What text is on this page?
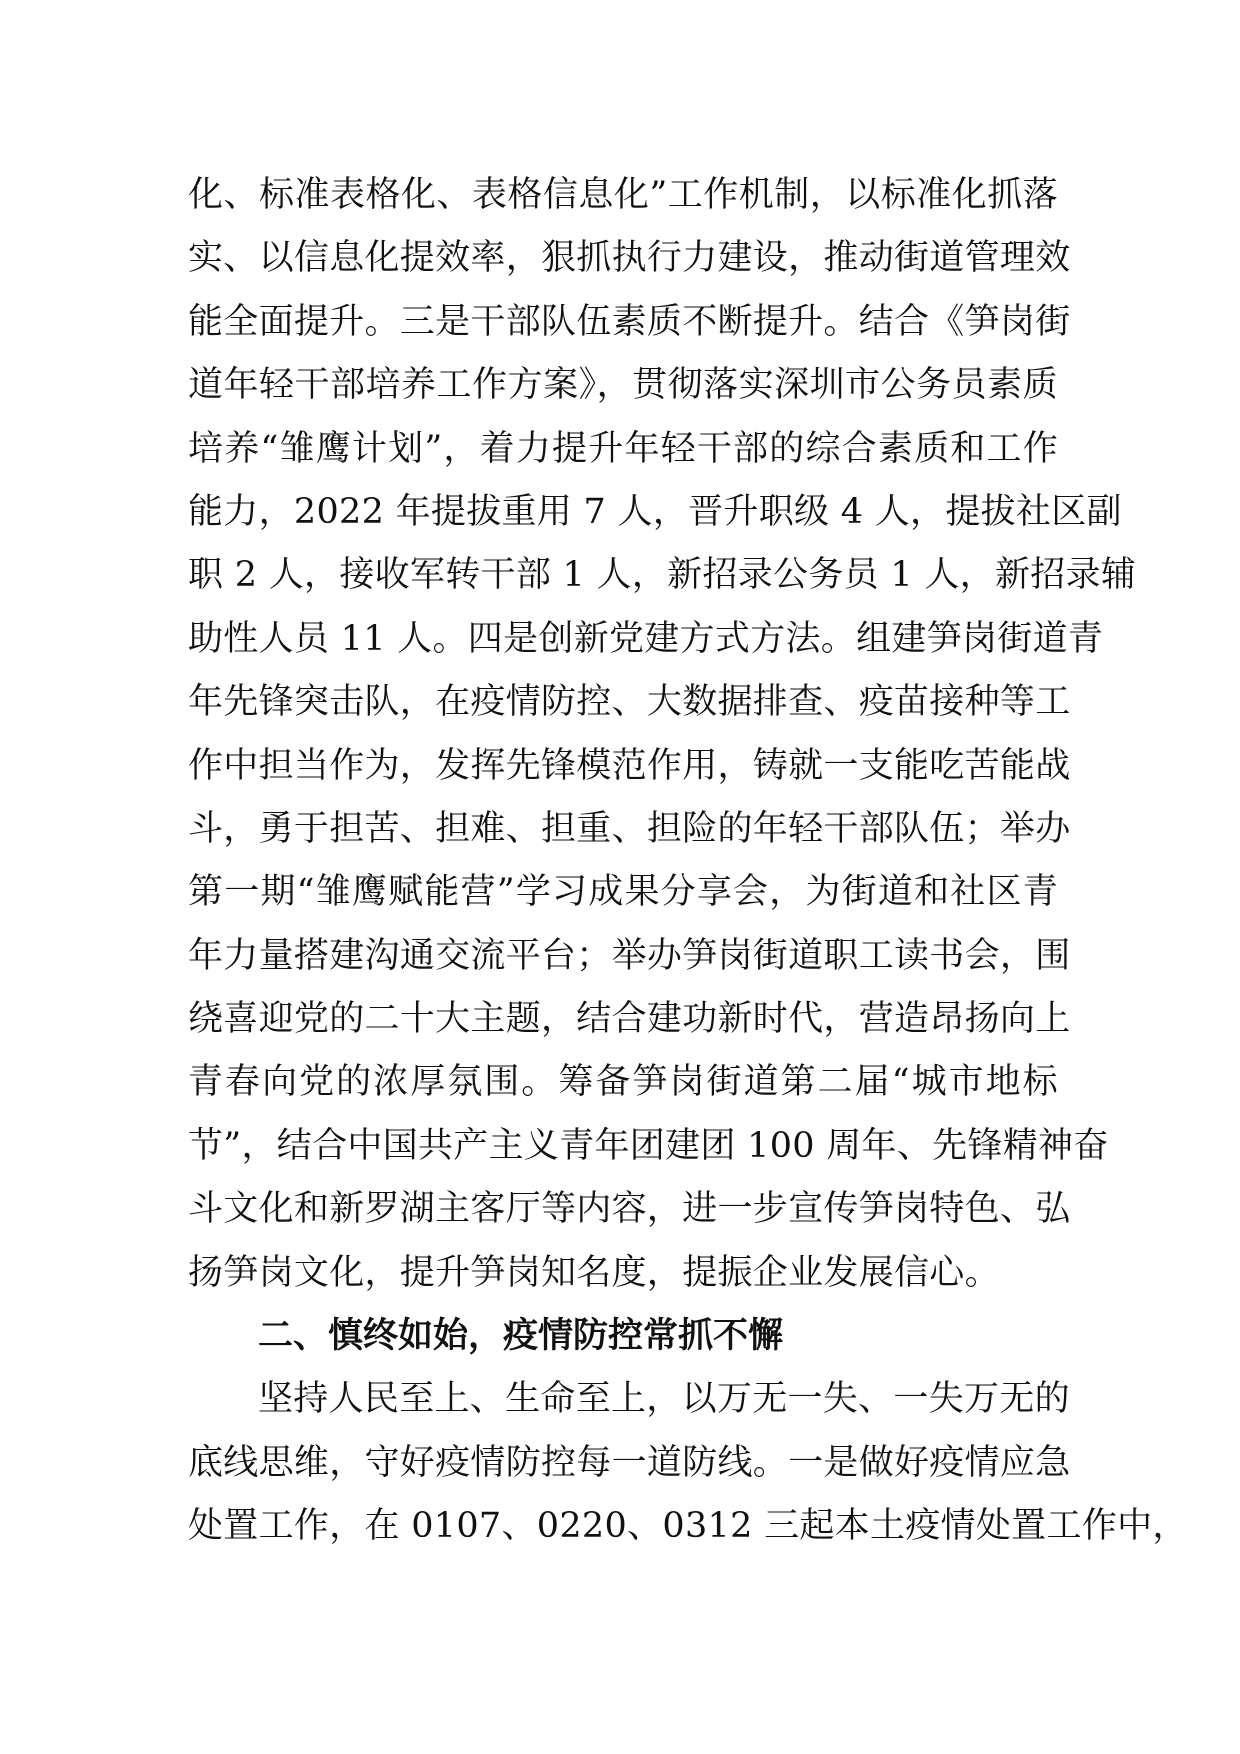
化、标准表格化、表格信息化”工作机制，以标准化抓落
实、以信息化提效率，狠抓执行力建设，推动街道管理效
能全面提升。三是干部队伍素质不断提升。结合《笋岗街
道年轻干部培养工作方案》，贯彻落实深圳市公务员素质
培养“雏鹰计划”，着力提升年轻干部的综合素质和工作
能力，2022 年提拔重用 7 人，晋升职级 4 人，提拔社区副
职 2 人，接收军转干部 1 人，新招录公务员 1 人，新招录辅
助性人员 11 人。四是创新党建方式方法。组建笋岗街道青
年先锋突击队，在疫情防控、大数据排查、疫苗接种等工
作中担当作为，发挥先锋模范作用，铸就一支能吃苦能战
斗，勇于担苦、担难、担重、担险的年轻干部队伍；举办
第一期“雏鹰赋能营”学习成果分享会，为街道和社区青
年力量搭建沟通交流平台；举办笋岗街道职工读书会，围
绕喜迎党的二十大主题，结合建功新时代，营造昂扬向上
青春向党的浓厚氛围。筹备笋岗街道第二届“城市地标
节”，结合中国共产主义青年团建团 100 周年、先锋精神奋
斗文化和新罗湖主客厅等内容，进一步宣传笋岗特色、弘
扬笋岗文化，提升笋岗知名度，提振企业发展信心。
二、慎终如始，疫情防控常抓不懈
坚持人民至上、生命至上，以万无一失、一失万无的
底线思维，守好疫情防控每一道防线。一是做好疫情应急
处置工作，在 0107、0220、0312 三起本土疫情处置工作中，
